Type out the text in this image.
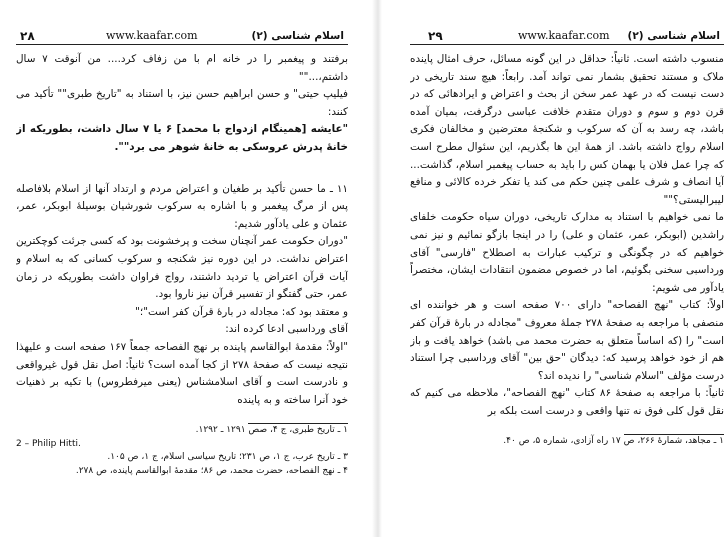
۲۸	www.kaafar.com	اسلام شناسی (۲)

برفتند و پیغمبر را در خانه ام با من زفاف کرد.... من آنوقت ۷ سال داشتم،...""

فیلیپ حیتی" و حسن ابراهیم حسن نیز، با استناد به "تاریخ طبری"" تأکید می کنند:

"عایشه [همینگام ازدواج با محمد] ۶ یا ۷ سال داشت، بطوریکه از خانهٔ پدرش عروسکی به خانهٔ شوهر می برد"".

۱۱ ـ ما حسن تأکید بر طغیان و اعتراض مردم و ارتداد آنها از اسلام بلافاصله پس از مرگ پیغمبر و با اشاره به سرکوب شورشیان بوسیلهٔ ابوبکر، عمر، عثمان و علی یادآور شدیم:

"دوران حکومت عمر آنچنان سخت و پرخشونت بود که کسی جرئت کوچکترین اعتراض نداشت. در این دوره نیز شکنجه و سرکوب کسانی که به اسلام و آیات قرآن اعتراض یا تردید داشتند، رواج فراوان داشت بطوریکه در زمان عمر، حتی گفتگو از تفسیر قرآن نیز ناروا بود.

و معتقد بود که: مجادله در بارهٔ قرآن کفر است"؛"

آقای ورداسبی ادعا کرده اند:

"اولاً: مقدمهٔ ابوالقاسم پاینده بر نهج الفصاحه جمعاً ۱۶۷ صفحه است و علیهذا نتیجه نیست که صفحهٔ ۲۷۸ از کجا آمده است؟ ثانیاً: اصل نقل قول غیرواقعی و نادرست است و آقای اسلامشناس (یعنی میرفطروس) با تکیه بر ذهنیات خود آنرا ساخته و به پاینده

۱ ـ تاریخ طبری، ج ۴، صص ۱۲۹۱ ـ ۱۲۹۲.

2 – Philip Hitti.

۳ ـ تاریخ عرب، ج ۱، ص ۲۳۱؛ تاریخ سیاسی اسلام، ج ۱، ص ۱۰۵.

۴ ـ نهج الفصاحه، حضرت محمد، ص ۸۶؛ مقدمهٔ ابوالقاسم پاینده، ص ۲۷۸.

۲۹	www.kaafar.com اسلام شناسی (۲)

منسوب داشته است. ثانیاً: حداقل در این گونه مسائل، حرف امثال پاینده ملاک و مستند تحقیق بشمار نمی تواند آمد. رابعاً: هیچ سند تاریخی در دست نیست که در عهد عمر سخن از بحث و اعتراض و ایرادهائی که در قرن دوم و سوم و دوران متقدم خلافت عباسی درگرفت، بمیان آمده باشد، چه رسد به آن که سرکوب و شکنجهٔ معترضین و مخالفان فکری اسلام رواج داشته باشد. از همهٔ این ها بگذریم، این سئوال مطرح است که چرا عمل فلان یا بهمان کس را باید به حساب پیغمبر اسلام، گذاشت... آیا انصاف و شرف علمی چنین حکم می کند یا تفکر خرده کالائی و منافع لیبرالیستی؟""

ما نمی خواهیم با استناد به مدارک تاریخی، دوران سیاه حکومت خلفای راشدین (ابوبکر، عمر، عثمان و علی) را در اینجا بازگو نمائیم و نیز نمی خواهیم که در چگونگی و ترکیب عبارات به اصطلاح "فارسی" آقای ورداسبی سخنی بگوئیم، اما در خصوص مضمون انتقادات ایشان، مختصراً یادآور می شویم:

اولاً: کتاب "نهج الفصاحه" دارای ۷۰۰ صفحه است و هر خواننده ای منصفی با مراجعه به صفحهٔ ۲۷۸ جملهٔ معروف "مجادله در بارهٔ قرآن کفر است" را (که اساساً متعلق به حضرت محمد می باشد) خواهد یافت و باز هم از خود خواهد پرسید که: دیدگان "حق بین" آقای ورداسبی چرا استناد درست مؤلف "اسلام شناسی" را ندیده اند؟

ثانیاً: با مراجعه به صفحهٔ ۸۶ کتاب "نهج الفصاحه"، ملاحظه می کنیم که نقل قول کلی فوق نه تنها واقعی و درست است بلکه بر

۱ ـ مجاهد، شمارهٔ ۲۶۶، ص ۱۷ راه آزادی، شماره ۵، ص ۴۰.
